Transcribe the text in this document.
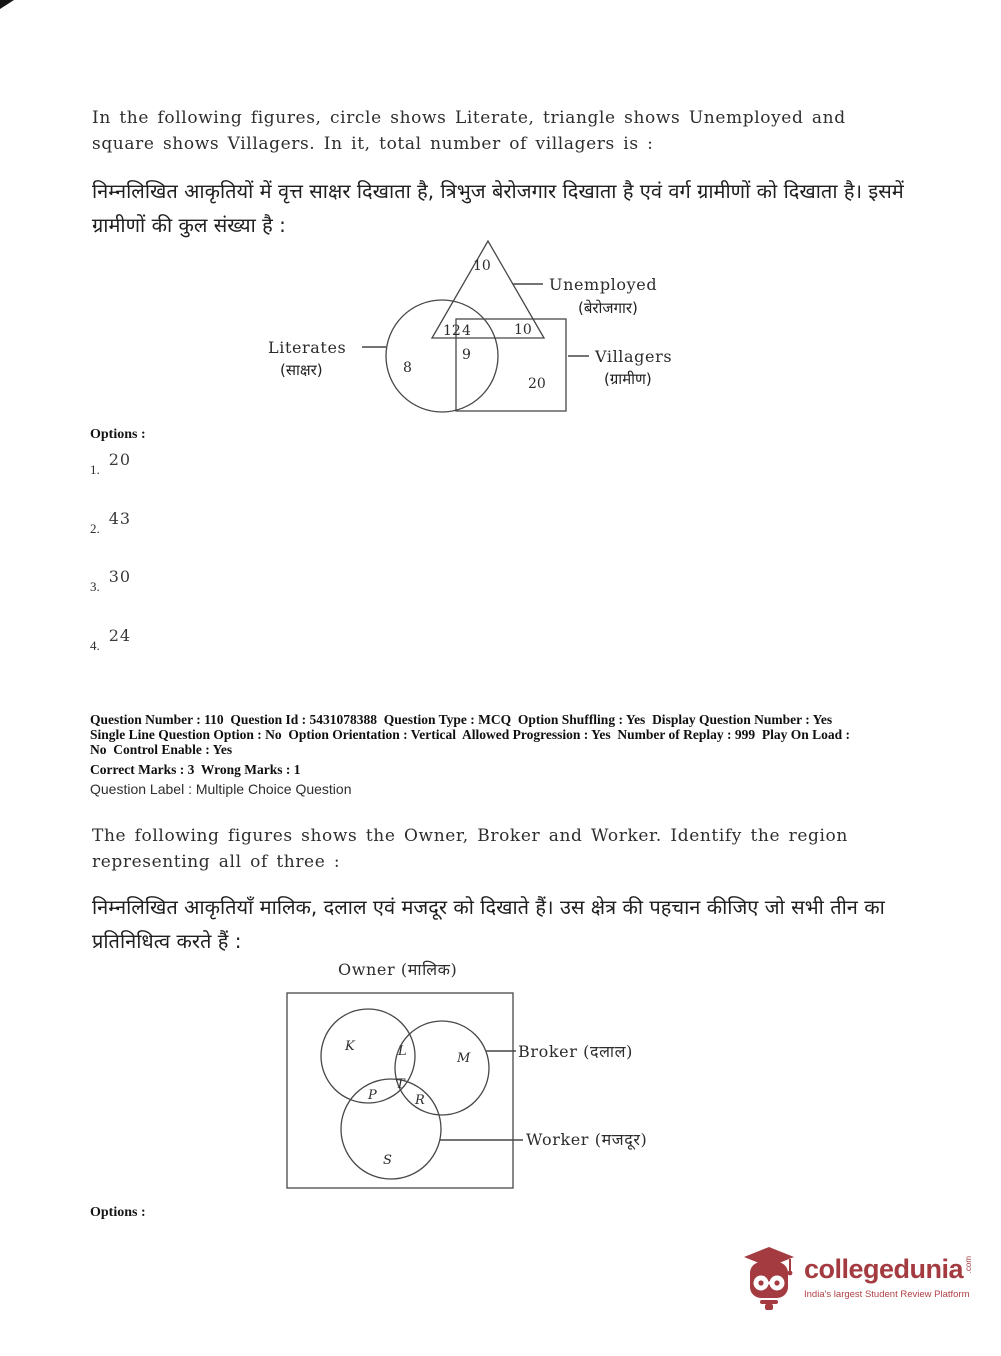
In the following figures, circle shows Literate, triangle shows Unemployed and square shows Villagers. In it, total number of villagers is :

निम्नलिखित आकृतियों में वृत्त साक्षर दिखाता है, त्रिभुज बेरोजगार दिखाता है एवं वर्ग ग्रामीणों को दिखाता है। इसमें ग्रामीणों की कुल संख्या है :

10
12 4	10
9
8
20
Unemployed
(बेरोजगार)
Literates
(साक्षर)
Villagers
(ग्रामीण)
Options :
1.
20
2.
43
3.
30
4.
24
Question Number : 110  Question Id : 5431078388  Question Type : MCQ  Option Shuffling : Yes  Display Question Number : Yes
Single Line Question Option : No  Option Orientation : Vertical  Allowed Progression : Yes  Number of Replay : 999  Play On Load :
No  Control Enable : Yes
Correct Marks : 3  Wrong Marks : 1
Question Label : Multiple Choice Question

The following figures shows the Owner, Broker and Worker. Identify the region representing all of three :

निम्नलिखित आकृतियाँ मालिक, दलाल एवं मजदूर को दिखाते हैं। उस क्षेत्र की पहचान कीजिए जो सभी तीन का प्रतिनिधित्व करते हैं :

Owner (मालिक)
K	L	M
P
T
R
S
Broker (दलाल)
Worker (मजदूर)
Options :
collegedunia .com
India's largest Student Review Platform
